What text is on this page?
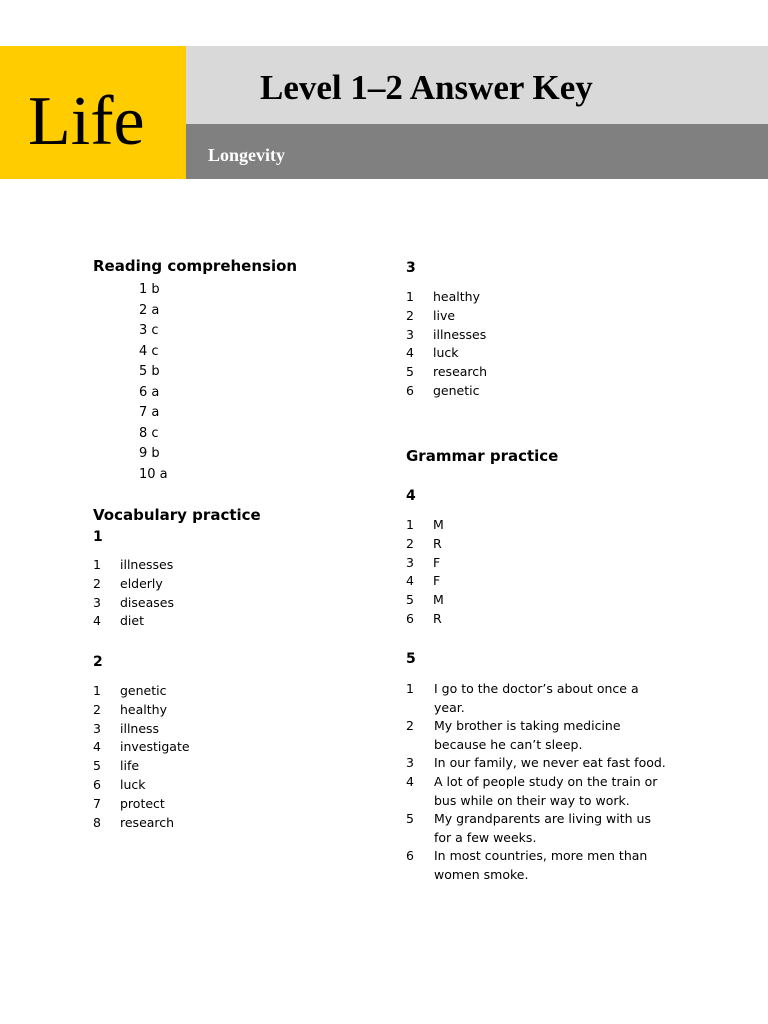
Life	Level 1–2 Answer Key
Longevity
Reading comprehension
1 b
2 a
3 c
4 c
5 b
6 a
7 a
8 c
9 b
10 a
Vocabulary practice
1
1	illnesses
2	elderly
3	diseases
4	diet
2
1	genetic
2	healthy
3	illness
4	investigate
5	life
6	luck
7	protect
8	research
3
1	healthy
2	live
3	illnesses
4	luck
5	research
6	genetic
Grammar practice
4
1	M
2	R
3	F
4	F
5	M
6	R
5
1 I go to the doctor’s about once a year.
2 My brother is taking medicine because he can’t sleep.
3 In our family, we never eat fast food.
4 A lot of people study on the train or bus while on their way to work.
5 My grandparents are living with us for a few weeks.
6 In most countries, more men than women smoke.
